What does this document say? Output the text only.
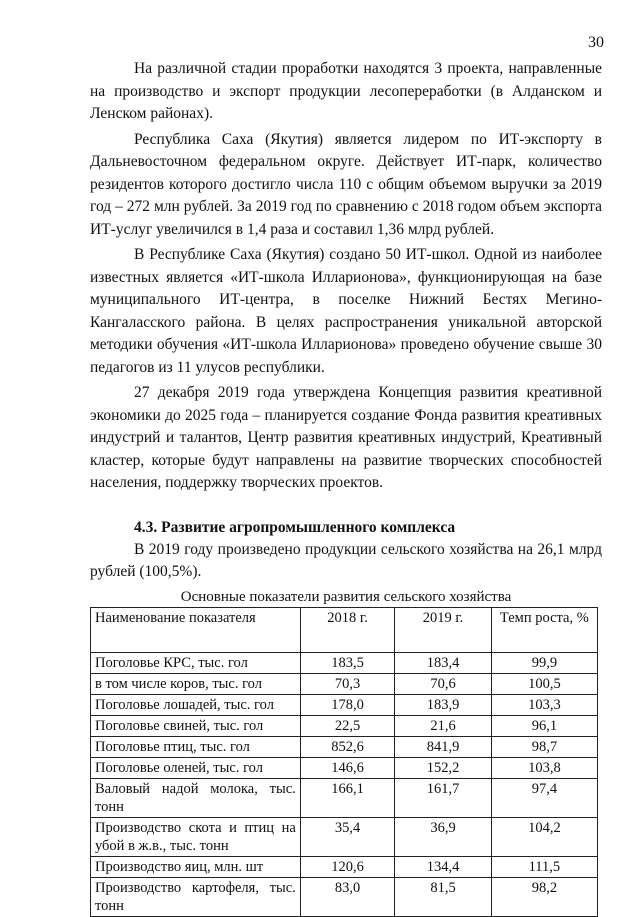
30

На различной стадии проработки находятся 3 проекта, направленные на производство и экспорт продукции лесопереработки (в Алданском и Ленском районах).

Республика Саха (Якутия) является лидером по ИТ-экспорту в Дальневосточном федеральном округе. Действует ИТ-парк, количество резидентов которого достигло числа 110 с общим объемом выручки за 2019 год – 272 млн рублей. За 2019 год по сравнению с 2018 годом объем экспорта ИТ-услуг увеличился в 1,4 раза и составил 1,36 млрд рублей.

В Республике Саха (Якутия) создано 50 ИТ-школ. Одной из наиболее известных является «ИТ-школа Илларионова», функционирующая на базе муниципального ИТ-центра, в поселке Нижний Бестях Мегино-Кангаласского района. В целях распространения уникальной авторской методики обучения «ИТ-школа Илларионова» проведено обучение свыше 30 педагогов из 11 улусов республики.

27 декабря 2019 года утверждена Концепция развития креативной экономики до 2025 года – планируется создание Фонда развития креативных индустрий и талантов, Центр развития креативных индустрий, Креативный кластер, которые будут направлены на развитие творческих способностей населения, поддержку творческих проектов.

4.3. Развитие агропромышленного комплекса

В 2019 году произведено продукции сельского хозяйства на 26,1 млрд рублей (100,5%).

Основные показатели развития сельского хозяйства
Наименование показателя	2018 г.	2019 г.	Темп роста, %
Поголовье КРС, тыс. гол	183,5	183,4	99,9
в том числе коров, тыс. гол	70,3	70,6	100,5
Поголовье лошадей, тыс. гол	178,0	183,9	103,3
Поголовье свиней, тыс. гол	22,5	21,6	96,1
Поголовье птиц, тыс. гол	852,6	841,9	98,7
Поголовье оленей, тыс. гол	146,6	152,2	103,8
Валовый надой молока, тыс. тонн	166,1	161,7	97,4
Производство скота и птиц на убой в ж.в., тыс. тонн	35,4	36,9	104,2
Производство яиц, млн. шт	120,6	134,4	111,5
Производство картофеля, тыс. тонн	83,0	81,5	98,2
